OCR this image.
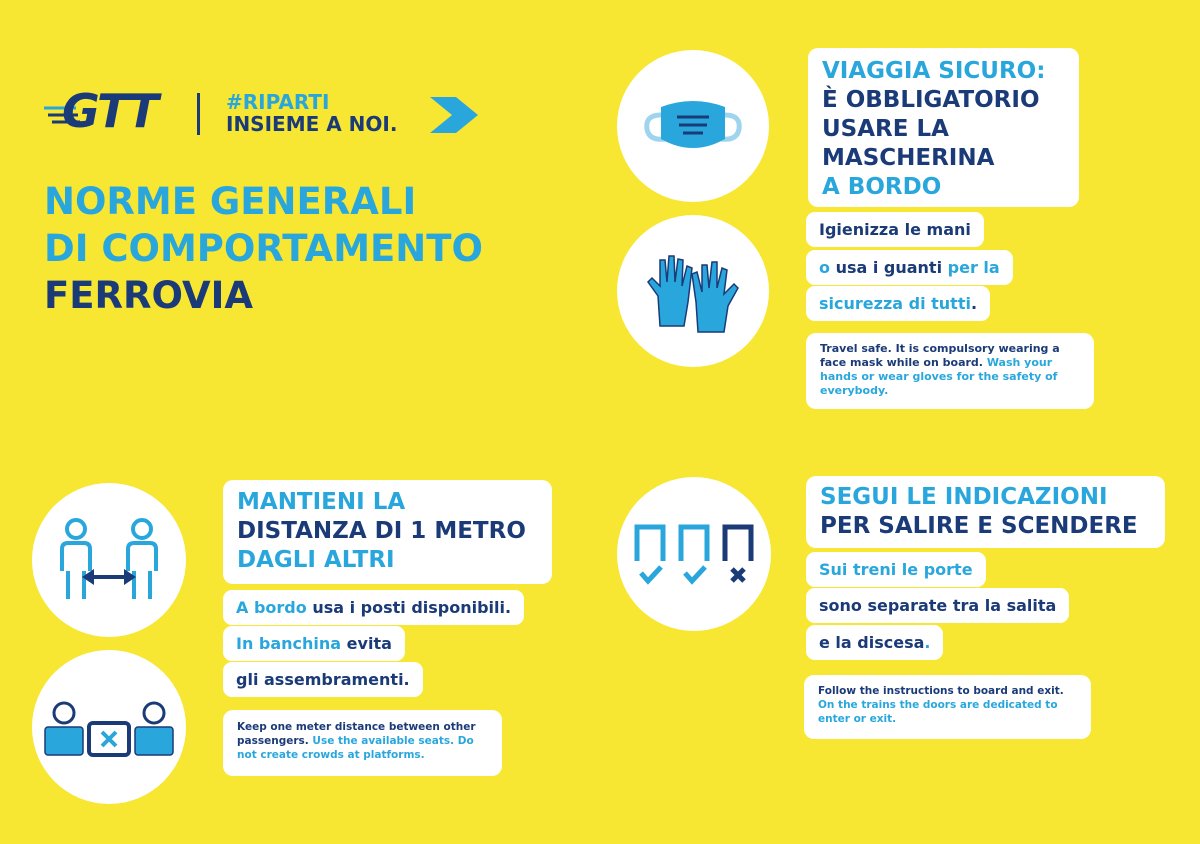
GTT	#RIPARTI
INSIEME A NOI.
NORME GENERALI
DI COMPORTAMENTO
FERROVIA
VIAGGIA SICURO:
È OBBLIGATORIO
USARE LA
MASCHERINA
A BORDO
Igienizza le mani
o usa i guanti per la
sicurezza di tutti.
Travel safe. It is compulsory wearing a face mask while on board. Wash your hands or wear gloves for the safety of everybody.
MANTIENI LA
DISTANZA DI 1 METRO
DAGLI ALTRI
A bordo usa i posti disponibili.
In banchina evita
gli assembramenti.
Keep one meter distance between other passengers. Use the available seats. Do not create crowds at platforms.
SEGUI LE INDICAZIONI
PER SALIRE E SCENDERE
Sui treni le porte
sono separate tra la salita
e la discesa.
Follow the instructions to board and exit. On the trains the doors are dedicated to enter or exit.
